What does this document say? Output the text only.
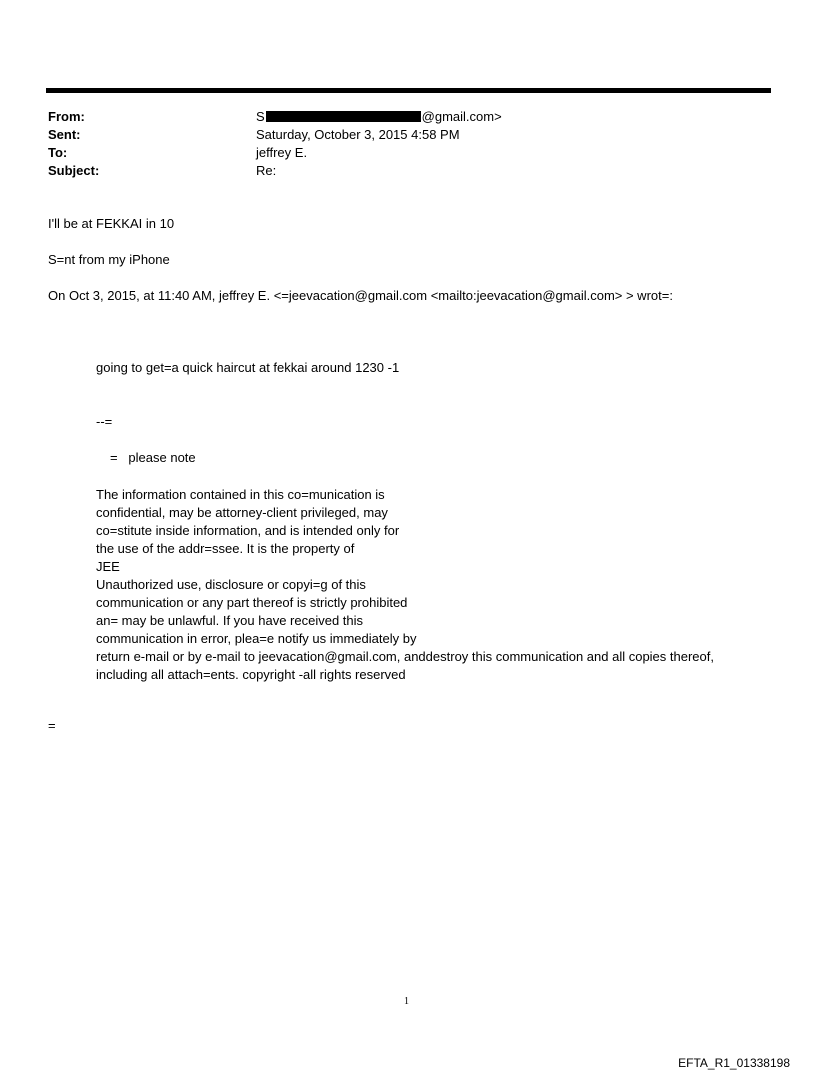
From:	S	@gmail.com>
Sent:	Saturday, October 3, 2015 4:58 PM
To:	jeffrey E.
Subject:	Re:
I'll be at FEKKAI in 10
S=nt from my iPhone
On Oct 3, 2015, at 11:40 AM, jeffrey E. <=jeevacation@gmail.com <mailto:jeevacation@gmail.com> > wrot=:
going to get=a quick haircut at fekkai around 1230 -1
--=
=   please note
The information contained in this co=munication is
confidential, may be attorney-client privileged, may
co=stitute inside information, and is intended only for
the use of the addr=ssee. It is the property of
JEE
Unauthorized use, disclosure or copyi=g of this
communication or any part thereof is strictly prohibited
an= may be unlawful. If you have received this
communication in error, plea=e notify us immediately by
return e-mail or by e-mail to jeevacation@gmail.com, anddestroy this communication and all copies thereof,
including all attach=ents. copyright -all rights reserved
=
1
EFTA_R1_01338198
